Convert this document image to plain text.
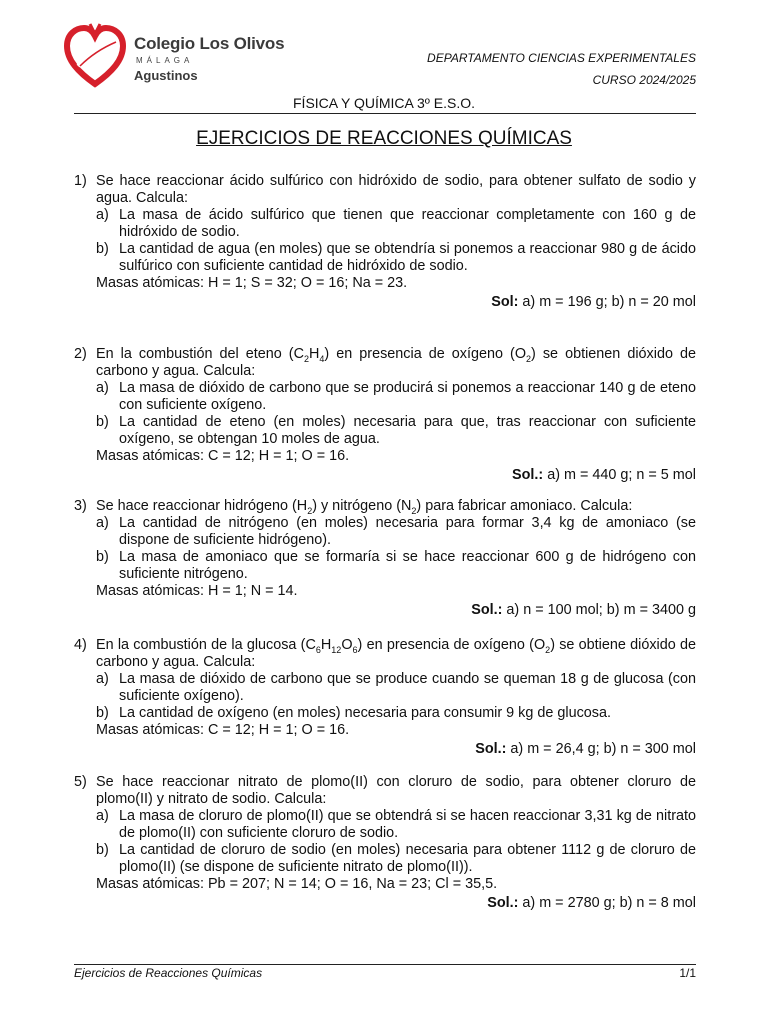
Colegio Los Olivos
MÁLAGA
Agustinos
DEPARTAMENTO CIENCIAS EXPERIMENTALES
CURSO 2024/2025
FÍSICA Y QUÍMICA 3º E.S.O.
EJERCICIOS DE REACCIONES QUÍMICAS
1) Se hace reaccionar ácido sulfúrico con hidróxido de sodio, para obtener sulfato de sodio y agua. Calcula:
a) La masa de ácido sulfúrico que tienen que reaccionar completamente con 160 g de hidróxido de sodio.
b) La cantidad de agua (en moles) que se obtendría si ponemos a reaccionar 980 g de ácido sulfúrico con suficiente cantidad de hidróxido de sodio.
Masas atómicas: H = 1; S = 32; O = 16; Na = 23.
Sol: a) m = 196 g; b) n = 20 mol
2) En la combustión del eteno $(C_2H_4)$ en presencia de oxígeno $(O_2)$ se obtienen dióxido de carbono y agua. Calcula:
a) La masa de dióxido de carbono que se producirá si ponemos a reaccionar 140 g de eteno con suficiente oxígeno.
b) La cantidad de eteno (en moles) necesaria para que, tras reaccionar con suficiente oxígeno, se obtengan 10 moles de agua.
Masas atómicas: C = 12; H = 1; O = 16.
Sol.: a) m = 440 g; n = 5 mol
3) Se hace reaccionar hidrógeno $(H_2)$ y nitrógeno $(N_2)$ para fabricar amoniaco. Calcula:
a) La cantidad de nitrógeno (en moles) necesaria para formar 3,4 kg de amoniaco (se dispone de suficiente hidrógeno).
b) La masa de amoniaco que se formaría si se hace reaccionar 600 g de hidrógeno con suficiente nitrógeno.
Masas atómicas: H = 1; N = 14.
Sol.: a) n = 100 mol; b) m = 3400 g
4) En la combustión de la glucosa $(C_6H_{12}O_6)$ en presencia de oxígeno $(O_2)$ se obtiene dióxido de carbono y agua. Calcula:
a) La masa de dióxido de carbono que se produce cuando se queman 18 g de glucosa (con suficiente oxígeno).
b) La cantidad de oxígeno (en moles) necesaria para consumir 9 kg de glucosa.
Masas atómicas: C = 12; H = 1; O = 16.
Sol.: a) m = 26,4 g; b) n = 300 mol
5) Se hace reaccionar nitrato de plomo(II) con cloruro de sodio, para obtener cloruro de plomo(II) y nitrato de sodio. Calcula:
a) La masa de cloruro de plomo(II) que se obtendrá si se hacen reaccionar 3,31 kg de nitrato de plomo(II) con suficiente cloruro de sodio.
b) La cantidad de cloruro de sodio (en moles) necesaria para obtener 1112 g de cloruro de plomo(II) (se dispone de suficiente nitrato de plomo(II)).
Masas atómicas: Pb = 207; N = 14; O = 16, Na = 23; Cl = 35,5.
Sol.: a) m = 2780 g; b) n = 8 mol
Ejercicios de Reacciones Químicas	1/1
